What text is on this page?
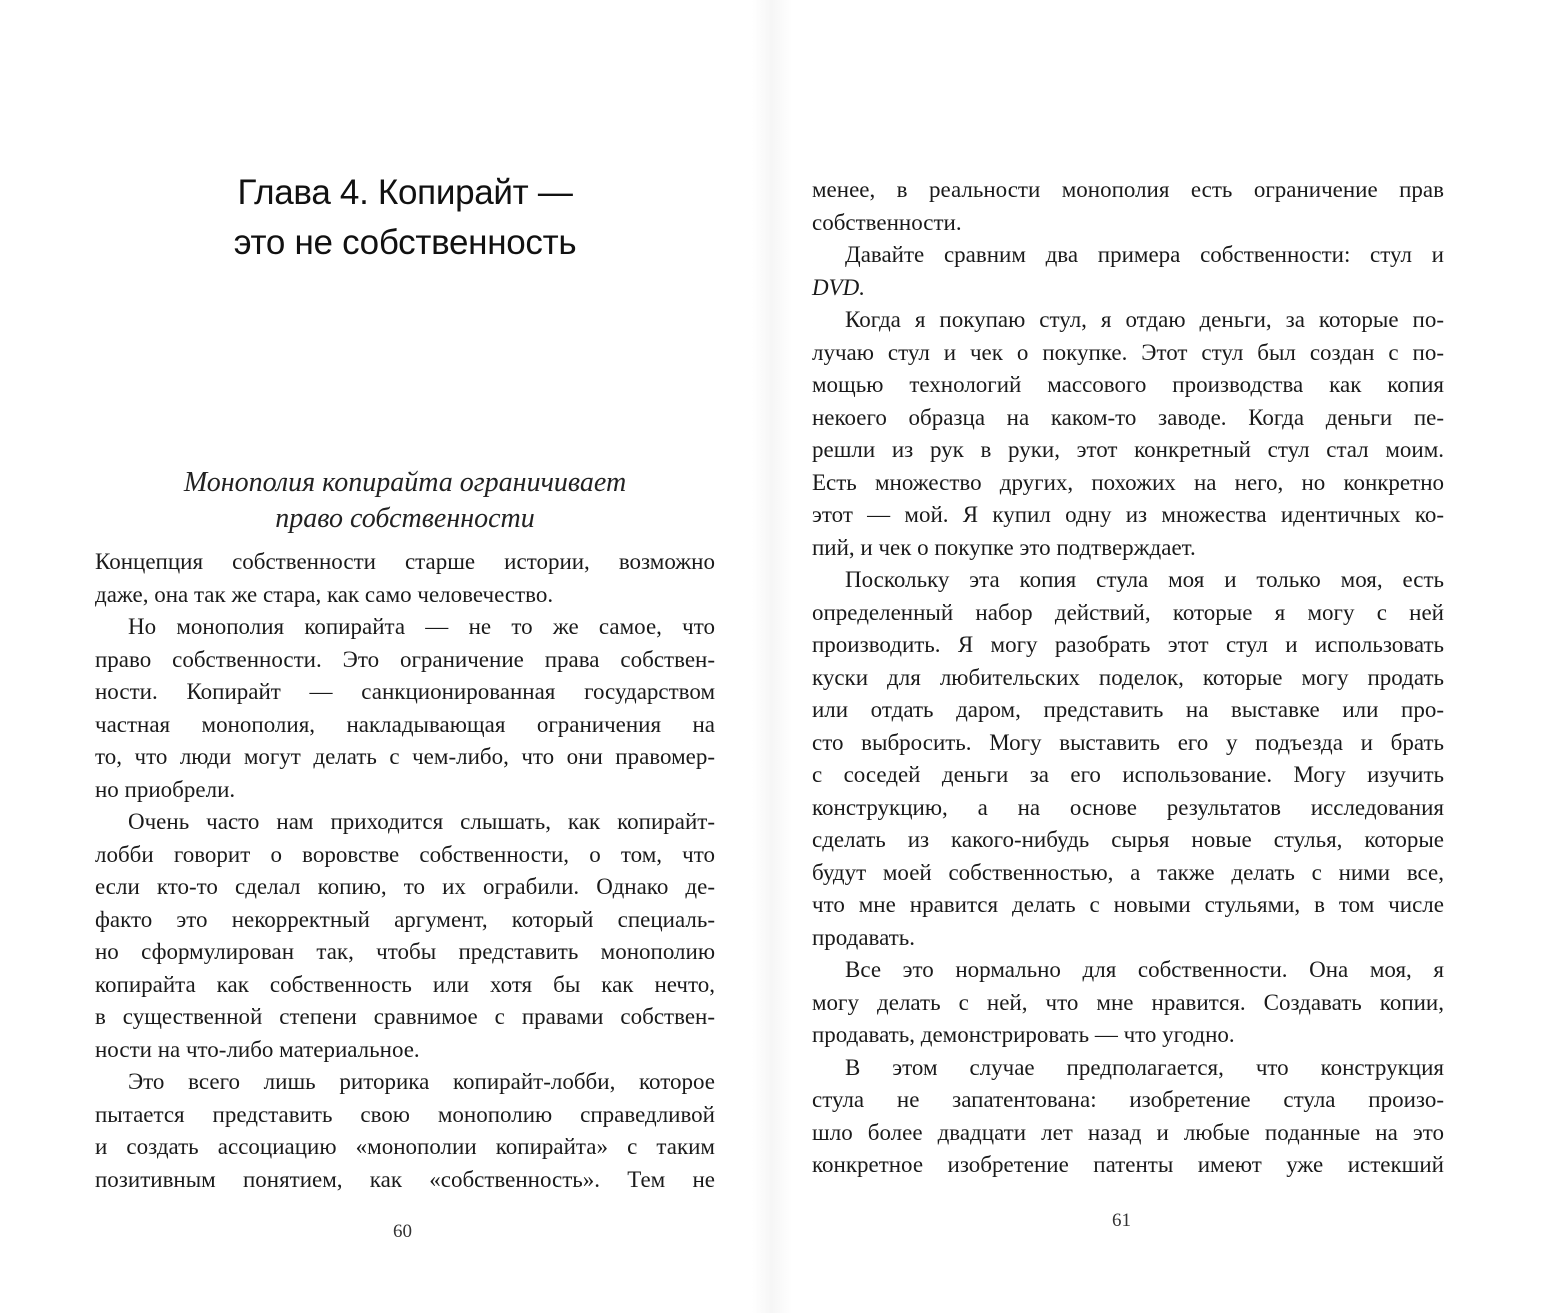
Глава 4. Копирайт —
это не собственность
Монополия копирайта ограничивает
право собственности
Концепция собственности старше истории, возможно
даже, она так же стара, как само человечество.
Но монополия копирайта — не то же самое, что
право собственности. Это ограничение права собствен-
ности. Копирайт — санкционированная государством
частная монополия, накладывающая ограничения на
то, что люди могут делать с чем-либо, что они правомер-
но приобрели.
Очень часто нам приходится слышать, как копирайт-
лобби говорит о воровстве собственности, о том, что
если кто-то сделал копию, то их ограбили. Однако де-
факто это некорректный аргумент, который специаль-
но сформулирован так, чтобы представить монополию
копирайта как собственность или хотя бы как нечто,
в существенной степени сравнимое с правами собствен-
ности на что-либо материальное.
Это всего лишь риторика копирайт-лобби, которое
пытается представить свою монополию справедливой
и создать ассоциацию «монополии копирайта» с таким
позитивным понятием, как «собственность». Тем не
60
менее, в реальности монополия есть ограничение прав
собственности.
Давайте сравним два примера собственности: стул и
DVD.
Когда я покупаю стул, я отдаю деньги, за которые по-
лучаю стул и чек о покупке. Этот стул был создан с по-
мощью технологий массового производства как копия
некоего образца на каком-то заводе. Когда деньги пе-
решли из рук в руки, этот конкретный стул стал моим.
Есть множество других, похожих на него, но конкретно
этот — мой. Я купил одну из множества идентичных ко-
пий, и чек о покупке это подтверждает.
Поскольку эта копия стула моя и только моя, есть
определенный набор действий, которые я могу с ней
производить. Я могу разобрать этот стул и использовать
куски для любительских поделок, которые могу продать
или отдать даром, представить на выставке или про-
сто выбросить. Могу выставить его у подъезда и брать
с соседей деньги за его использование. Могу изучить
конструкцию, а на основе результатов исследования
сделать из какого-нибудь сырья новые стулья, которые
будут моей собственностью, а также делать с ними все,
что мне нравится делать с новыми стульями, в том числе
продавать.
Все это нормально для собственности. Она моя, я
могу делать с ней, что мне нравится. Создавать копии,
продавать, демонстрировать — что угодно.
В этом случае предполагается, что конструкция
стула не запатентована: изобретение стула произо-
шло более двадцати лет назад и любые поданные на это
конкретное изобретение патенты имеют уже истекший
61
